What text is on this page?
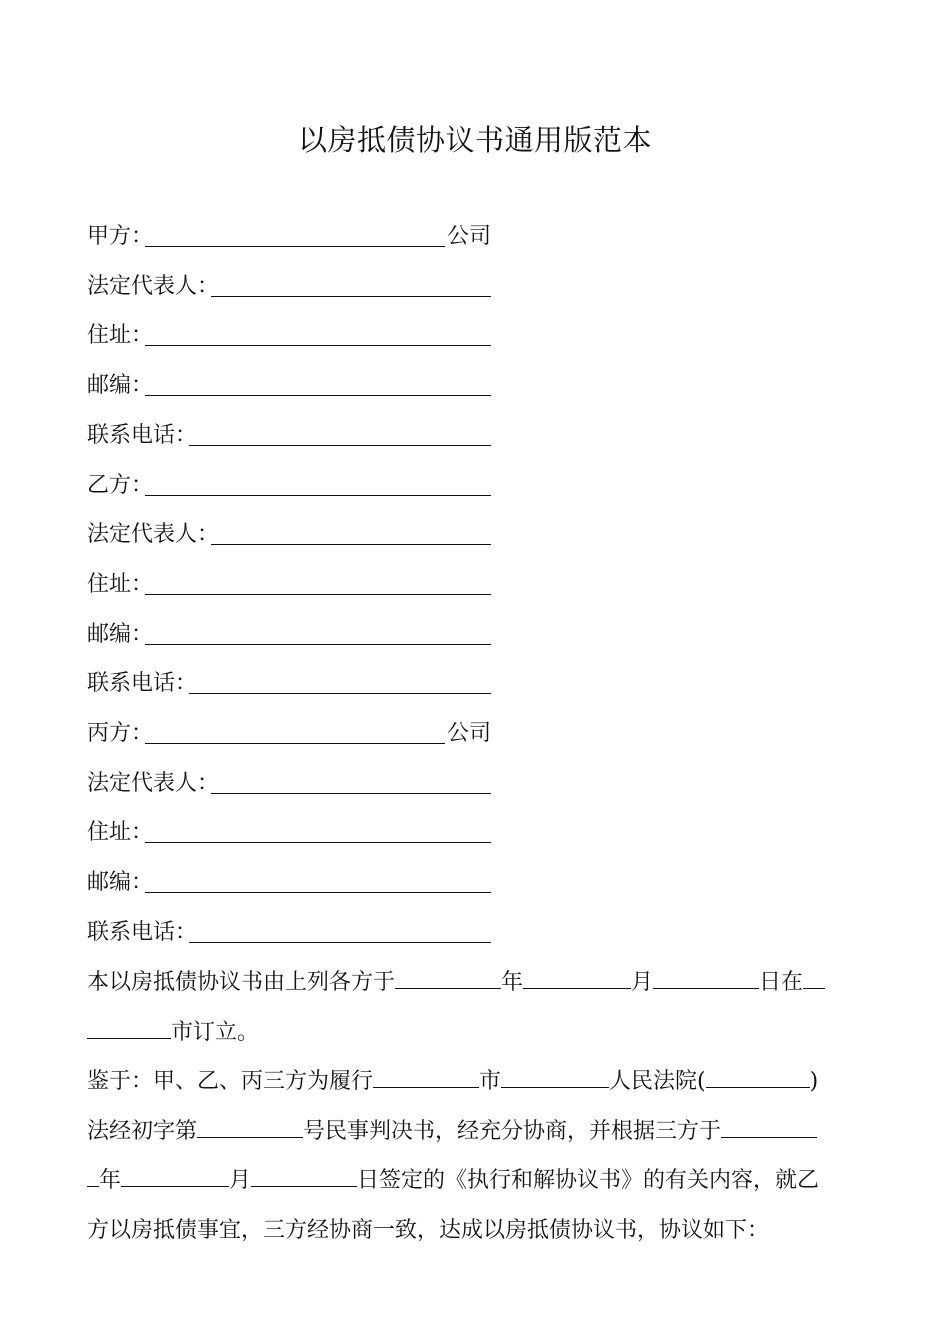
以房抵债协议书通用版范本
甲方：	公司
法定代表人：
住址：
邮编：
联系电话：
乙方：
法定代表人：
住址：
邮编：
联系电话：
丙方：	公司
法定代表人：
住址：
邮编：
联系电话：

本以房抵债协议书由上列各方于	年	月	日在

市订立。

鉴于：甲、乙、丙三方为履行	市	人民法院(	)

法经初字第	号民事判决书，经充分协商，并根据三方于

年	月	日签定的《执行和解协议书》的有关内容，就乙

方以房抵债事宜，三方经协商一致，达成以房抵债协议书，协议如下：
